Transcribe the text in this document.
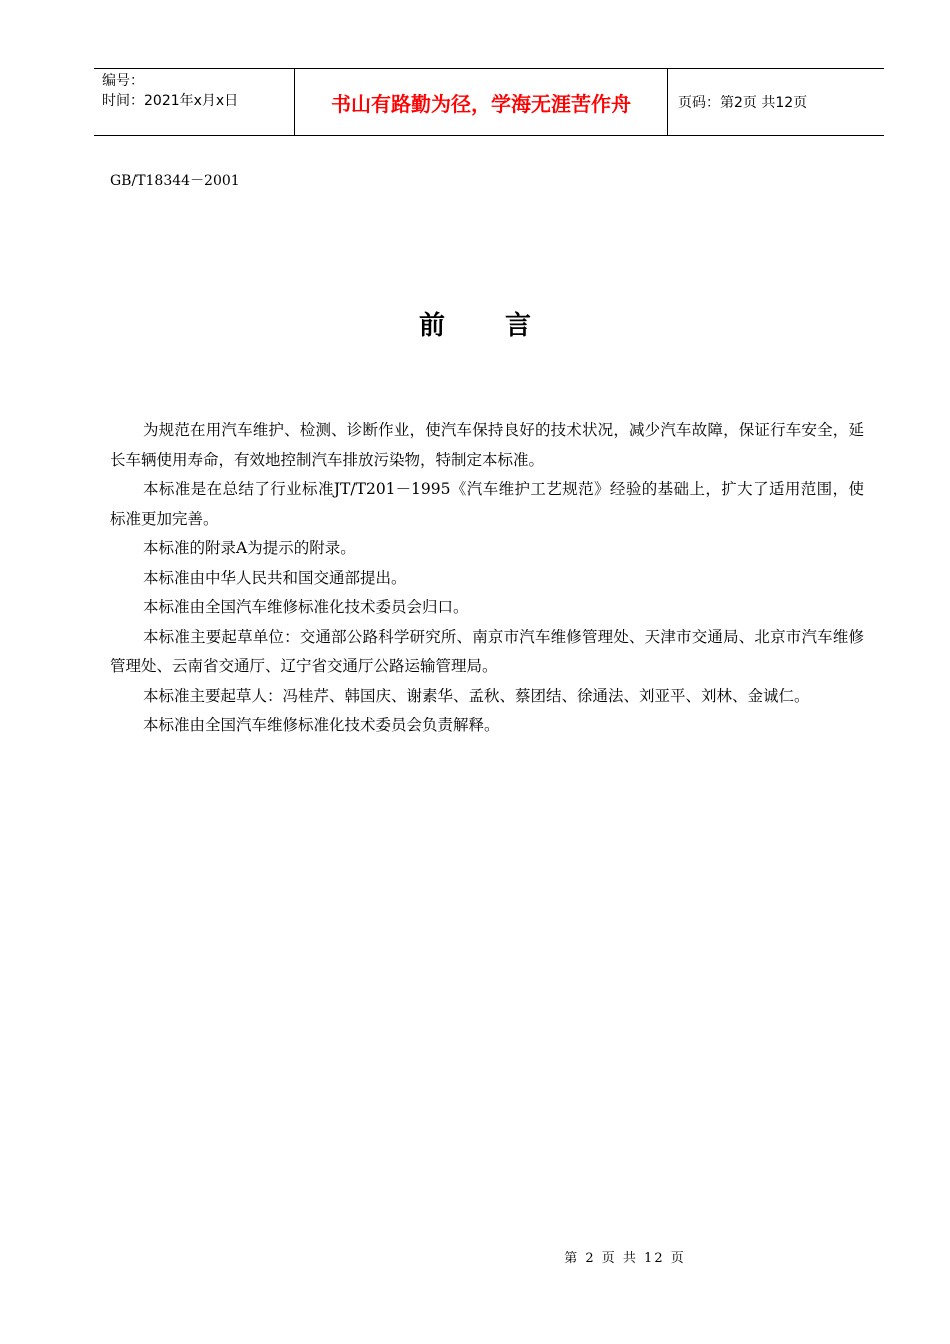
编号：
时间：2021年x月x日	书山有路勤为径，学海无涯苦作舟	页码：第2页 共12页
GB/T18344－2001
前言

为规范在用汽车维护、检测、诊断作业，使汽车保持良好的技术状况，减少汽车故障，保证行车安全，延长车辆使用寿命，有效地控制汽车排放污染物，特制定本标准。

本标准是在总结了行业标准JT/T201－1995《汽车维护工艺规范》经验的基础上，扩大了适用范围，使标准更加完善。

本标准的附录A为提示的附录。

本标准由中华人民共和国交通部提出。

本标准由全国汽车维修标准化技术委员会归口。

本标准主要起草单位：交通部公路科学研究所、南京市汽车维修管理处、天津市交通局、北京市汽车维修管理处、云南省交通厅、辽宁省交通厅公路运输管理局。

本标准主要起草人：冯桂芹、韩国庆、谢素华、孟秋、蔡团结、徐通法、刘亚平、刘林、金诚仁。

本标准由全国汽车维修标准化技术委员会负责解释。

第 2 页 共 12 页
